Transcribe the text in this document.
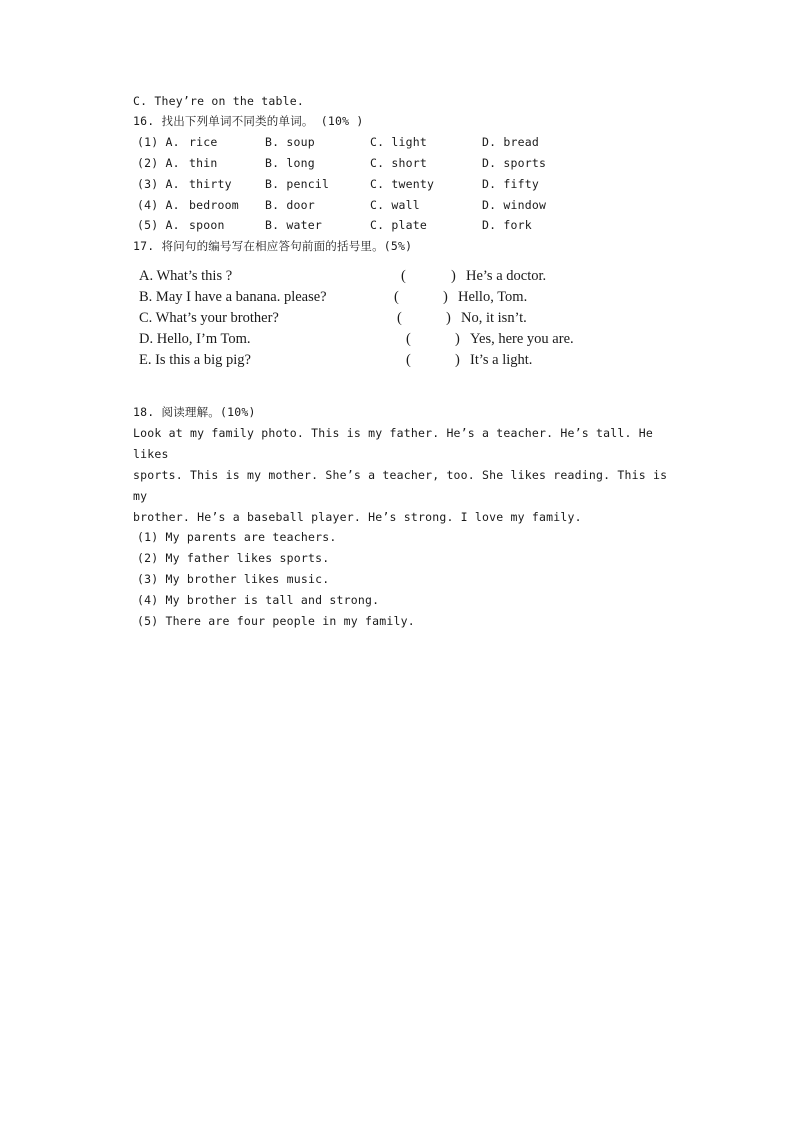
C. They’re on the table.
16. 找出下列单词不同类的单词。 (10% )
(1) A. rice	B. soup	C. light	D. bread
(2) A. thin	B. long	C. short	D. sports
(3) A. thirty	B. pencil	C. twenty	D. fifty
(4) A. bedroom B. door	C. wall	D. window
(5) A. spoon	B. water	C. plate	D. fork
17. 将问句的编号写在相应答句前面的括号里。(5%)
A. What’s this ?	(	) He’s a doctor.
B. May I have a banana. please?	(	) Hello, Tom.
C. What’s your brother?	(	) No, it isn’t.
D. Hello, I’m Tom.	(	) Yes, here you are.
E. Is this a big pig?	(	) It’s a light.
18. 阅读理解。(10%)
Look at my family photo. This is my father. He’s a teacher. He’s tall. He
likes
sports. This is my mother. She’s a teacher, too. She likes reading. This is
my
brother. He’s a baseball player. He’s strong. I love my family.
(1) My parents are teachers.
(2) My father likes sports.
(3) My brother likes music.
(4) My brother is tall and strong.
(5) There are four people in my family.
